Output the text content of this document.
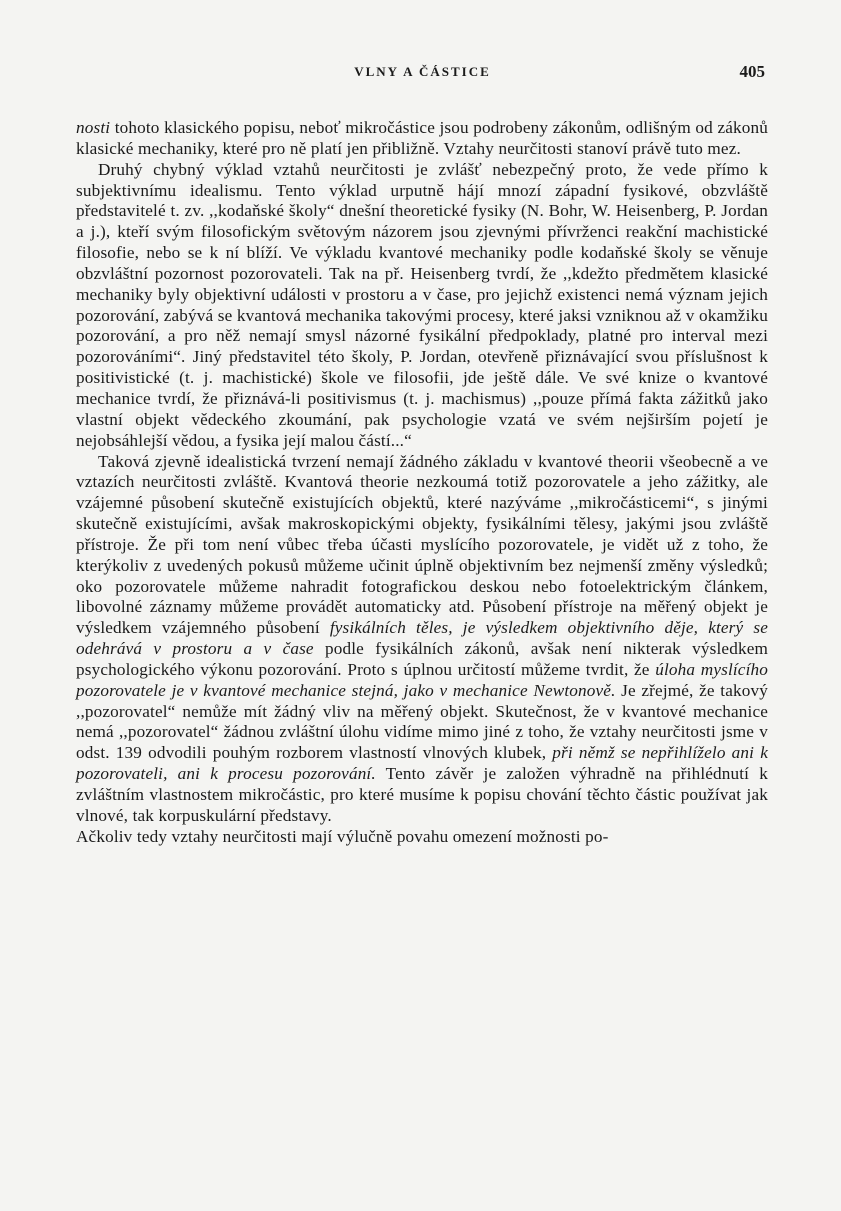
VLNY A ČÁSTICE	405

nosti tohoto klasického popisu, neboť mikročástice jsou podrobeny zákonům, odlišným od zákonů klasické mechaniky, které pro ně platí jen přibližně. Vztahy neurčitosti stanoví právě tuto mez.

Druhý chybný výklad vztahů neurčitosti je zvlášť nebezpečný proto, že vede přímo k subjektivnímu idealismu. Tento výklad urputně hájí mnozí západní fysikové, obzvláště představitelé t. zv. ,,kodaňské školy“ dnešní theoretické fysiky (N. Bohr, W. Heisenberg, P. Jordan a j.), kteří svým filosofickým světovým názorem jsou zjevnými přívrženci reakční machistické filosofie, nebo se k ní blíží. Ve výkladu kvantové mechaniky podle kodaňské školy se věnuje obzvláštní pozornost pozorovateli. Tak na př. Heisenberg tvrdí, že ,,kdežto předmětem klasické mechaniky byly objektivní události v prostoru a v čase, pro jejichž existenci nemá význam jejich pozorování, zabývá se kvantová mechanika takovými procesy, které jaksi vzniknou až v okamžiku pozorování, a pro něž nemají smysl názorné fysikální předpoklady, platné pro interval mezi pozorováními“. Jiný představitel této školy, P. Jordan, otevřeně přiznávající svou příslušnost k positivistické (t. j. machistické) škole ve filosofii, jde ještě dále. Ve své knize o kvantové mechanice tvrdí, že přiznává-li positivismus (t. j. machismus) ,,pouze přímá fakta zážitků jako vlastní objekt vědeckého zkoumání, pak psychologie vzatá ve svém nejširším pojetí je nejobsáhlejší vědou, a fysika její malou částí...“

Taková zjevně idealistická tvrzení nemají žádného základu v kvantové theorii všeobecně a ve vztazích neurčitosti zvláště. Kvantová theorie nezkoumá totiž pozorovatele a jeho zážitky, ale vzájemné působení skutečně existujících objektů, které nazýváme ,,mikročásticemi“, s jinými skutečně existujícími, avšak makroskopickými objekty, fysikálními tělesy, jakými jsou zvláště přístroje. Že při tom není vůbec třeba účasti myslícího pozorovatele, je vidět už z toho, že kterýkoliv z uvedených pokusů můžeme učinit úplně objektivním bez nejmenší změny výsledků; oko pozorovatele můžeme nahradit fotografickou deskou nebo fotoelektrickým článkem, libovolné záznamy můžeme provádět automaticky atd. Působení přístroje na měřený objekt je výsledkem vzájemného působení fysikálních těles, je výsledkem objektivního děje, který se odehrává v prostoru a v čase podle fysikálních zákonů, avšak není nikterak výsledkem psychologického výkonu pozorování. Proto s úplnou určitostí můžeme tvrdit, že úloha myslícího pozorovatele je v kvantové mechanice stejná, jako v mechanice Newtonově. Je zřejmé, že takový ,,pozorovatel“ nemůže mít žádný vliv na měřený objekt. Skutečnost, že v kvantové mechanice nemá ,,pozorovatel“ žádnou zvláštní úlohu vidíme mimo jiné z toho, že vztahy neurčitosti jsme v odst. 139 odvodili pouhým rozborem vlastností vlnových klubek, při němž se nepřihlíželo ani k pozorovateli, ani k procesu pozorování. Tento závěr je založen výhradně na přihlédnutí k zvláštním vlastnostem mikročástic, pro které musíme k popisu chování těchto částic používat jak vlnové, tak korpuskulární představy.

Ačkoliv tedy vztahy neurčitosti mají výlučně povahu omezení možnosti po-
